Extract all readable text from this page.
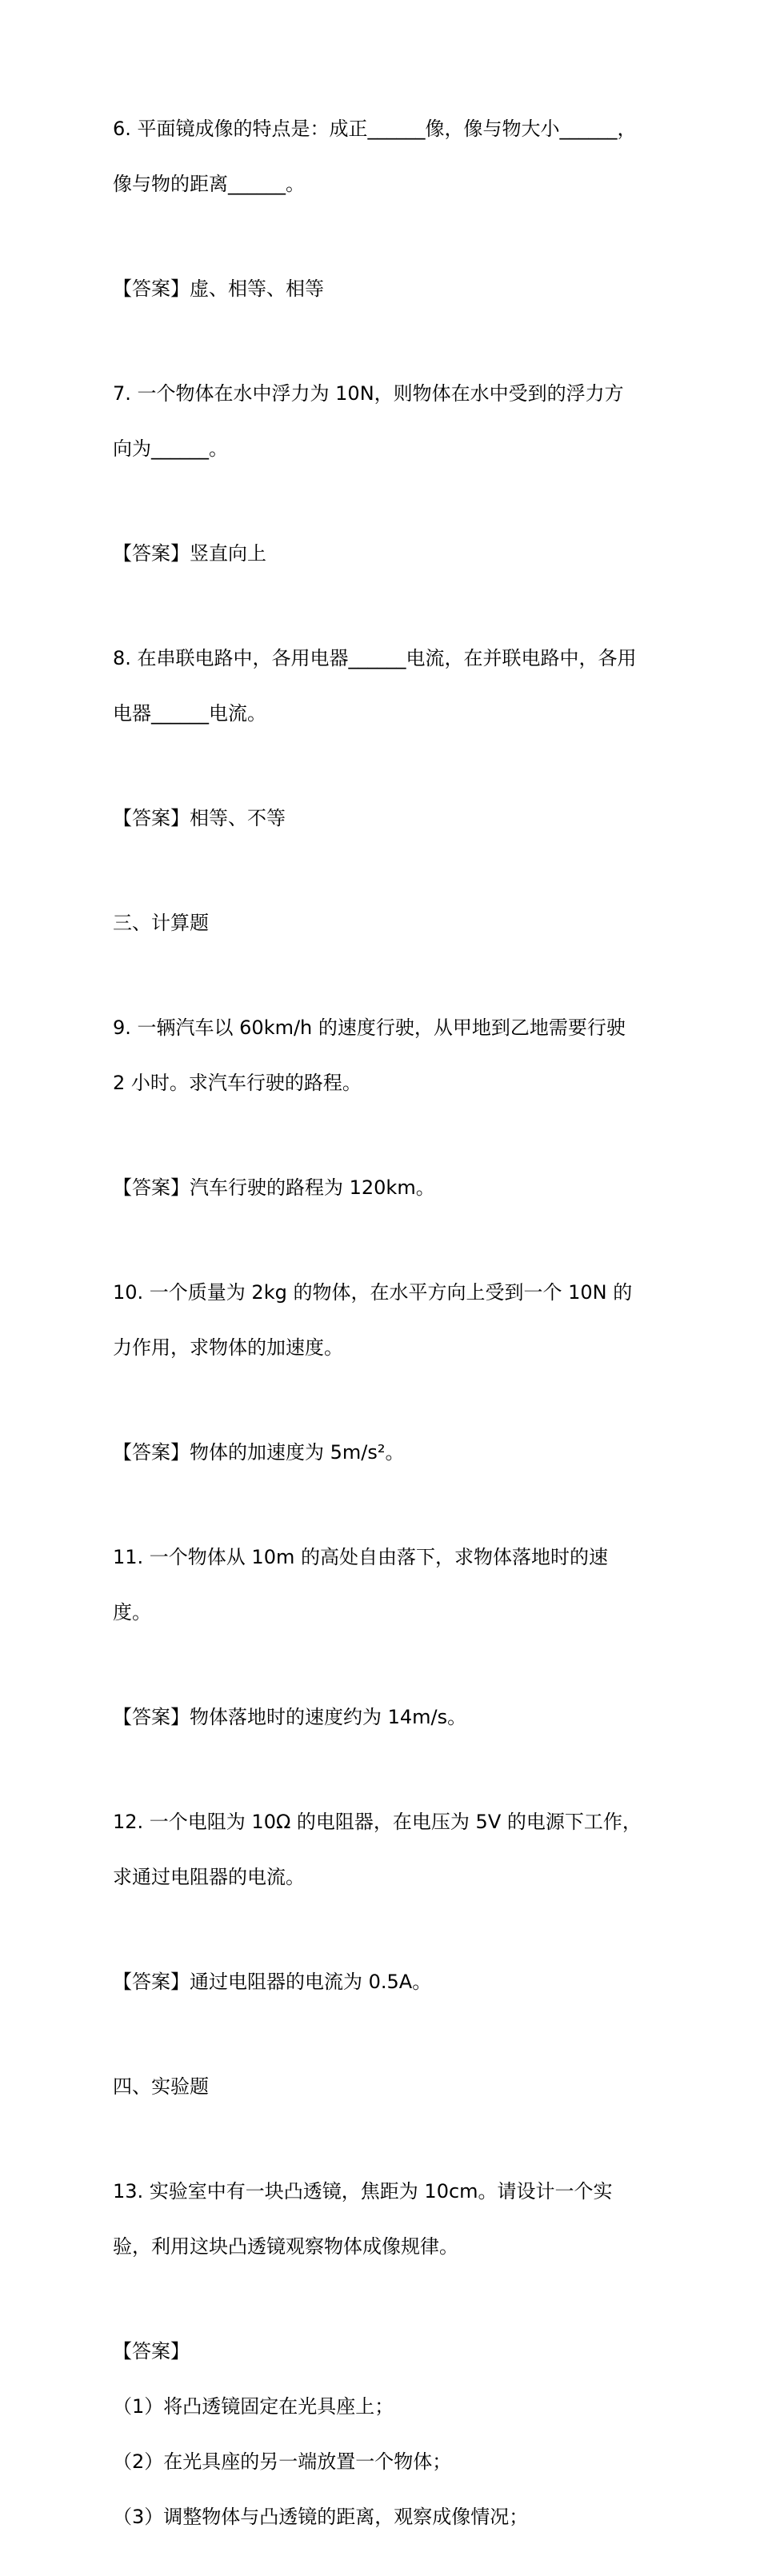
6. 平面镜成像的特点是：成正______像，像与物大小______，

像与物的距离______。

【答案】虚、相等、相等

7. 一个物体在水中浮力为 10N，则物体在水中受到的浮力方

向为______。

【答案】竖直向上

8. 在串联电路中，各用电器______电流，在并联电路中，各用

电器______电流。

【答案】相等、不等

三、计算题

9. 一辆汽车以 60km/h 的速度行驶，从甲地到乙地需要行驶

2 小时。求汽车行驶的路程。

【答案】汽车行驶的路程为 120km。

10. 一个质量为 2kg 的物体，在水平方向上受到一个 10N 的

力作用，求物体的加速度。

【答案】物体的加速度为 5m/s²。

11. 一个物体从 10m 的高处自由落下，求物体落地时的速

度。

【答案】物体落地时的速度约为 14m/s。

12. 一个电阻为 10Ω 的电阻器，在电压为 5V 的电源下工作，

求通过电阻器的电流。

【答案】通过电阻器的电流为 0.5A。

四、实验题

13. 实验室中有一块凸透镜，焦距为 10cm。请设计一个实

验，利用这块凸透镜观察物体成像规律。

【答案】

（1）将凸透镜固定在光具座上；

（2）在光具座的另一端放置一个物体；

（3）调整物体与凸透镜的距离，观察成像情况；
